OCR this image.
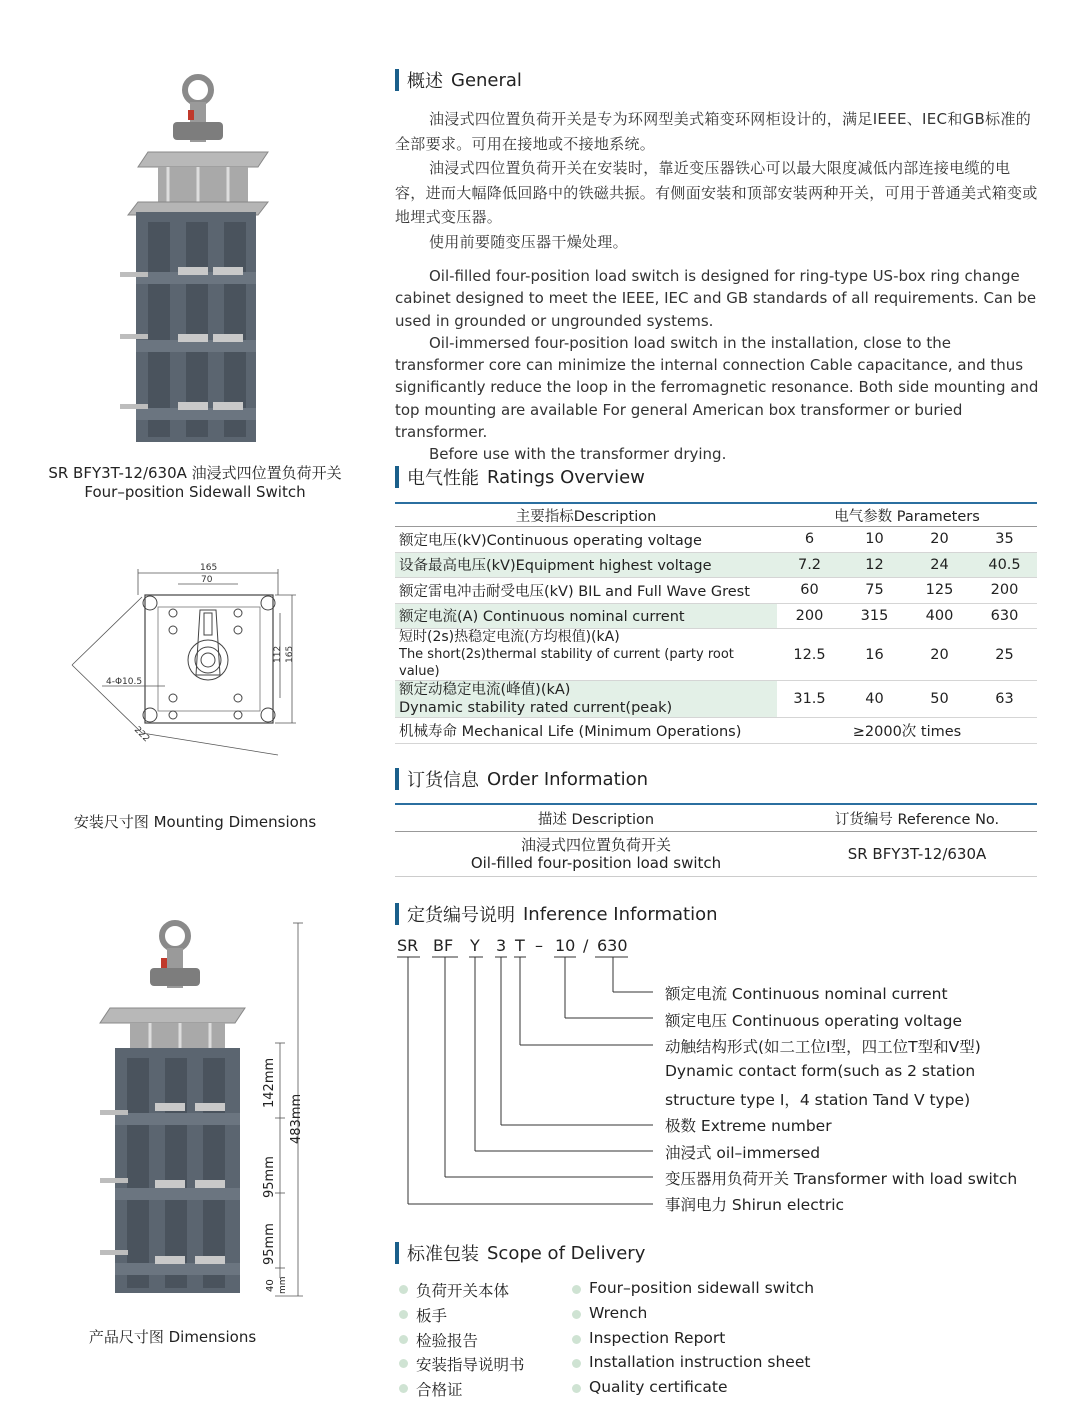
SR BFY3T-12/630A 油浸式四位置负荷开关
Four–position Sidewall Switch
165
70
112 165
222
4-Φ10.5
安装尺寸图 Mounting Dimensions
142mm
483mm
95mm
95mm
40 mm
产品尺寸图 Dimensions
概述 General

油浸式四位置负荷开关是专为环网型美式箱变环网柜设计的，满足IEEE、IEC和GB标准的全部要求。可用在接地或不接地系统。

油浸式四位置负荷开关在安装时，靠近变压器铁心可以最大限度减低内部连接电缆的电容，进而大幅降低回路中的铁磁共振。有侧面安装和顶部安装两种开关，可用于普通美式箱变或地埋式变压器。

使用前要随变压器干燥处理。

Oil-filled four-position load switch is designed for ring-type US-box ring change cabinet designed to meet the IEEE, IEC and GB standards of all requirements. Can be used in grounded or ungrounded systems.

Oil-immersed four-position load switch in the installation, close to the transformer core can minimize the internal connection Cable capacitance, and thus significantly reduce the loop in the ferromagnetic resonance. Both side mounting and top mounting are available For general American box transformer or buried transformer.

Before use with the transformer drying.

电气性能 Ratings Overview
主要指标Description	电气参数 Parameters			
额定电压(kV)Continuous operating voltage	6	10	20	35
设备最高电压(kV)Equipment highest voltage	7.2	12	24	40.5
额定雷电冲击耐受电压(kV) BIL and Full Wave Grest	60	75	125	200
额定电流(A) Continuous nominal current	200	315	400	630

短时(2s)热稳定电流(方均根值)(kA)
The short(2s)thermal stability of current (party root value)	12.5	16	20	25

额定动稳定电流(峰值)(kA)
Dynamic stability rated current(peak)	31.5	40	50	63
机械寿命 Mechanical Life (Minimum Operations)	≥2000次 times			
订货信息 Order Information
描述 Description	订货编号 Reference No.

油浸式四位置负荷开关
Oil-filled four-position load switch	SR BFY3T-12/630A
定货编号说明 Inference Information
SR BF Y 3 T – 10 / 630
额定电流 Continuous nominal current
额定电压 Continuous operating voltage
动触结构形式(如二工位Ⅰ型，四工位T型和V型)
Dynamic contact form(such as 2 station
structure type Ⅰ，4 station Tand V type)
极数 Extreme number
油浸式 oil–immersed
变压器用负荷开关 Transformer with load switch
事润电力 Shirun electric
标准包装 Scope of Delivery
负荷开关本体	Four–position sidewall switch
板手	Wrench
检验报告	Inspection Report
安装指导说明书	Installation instruction sheet
合格证	Quality certificate
